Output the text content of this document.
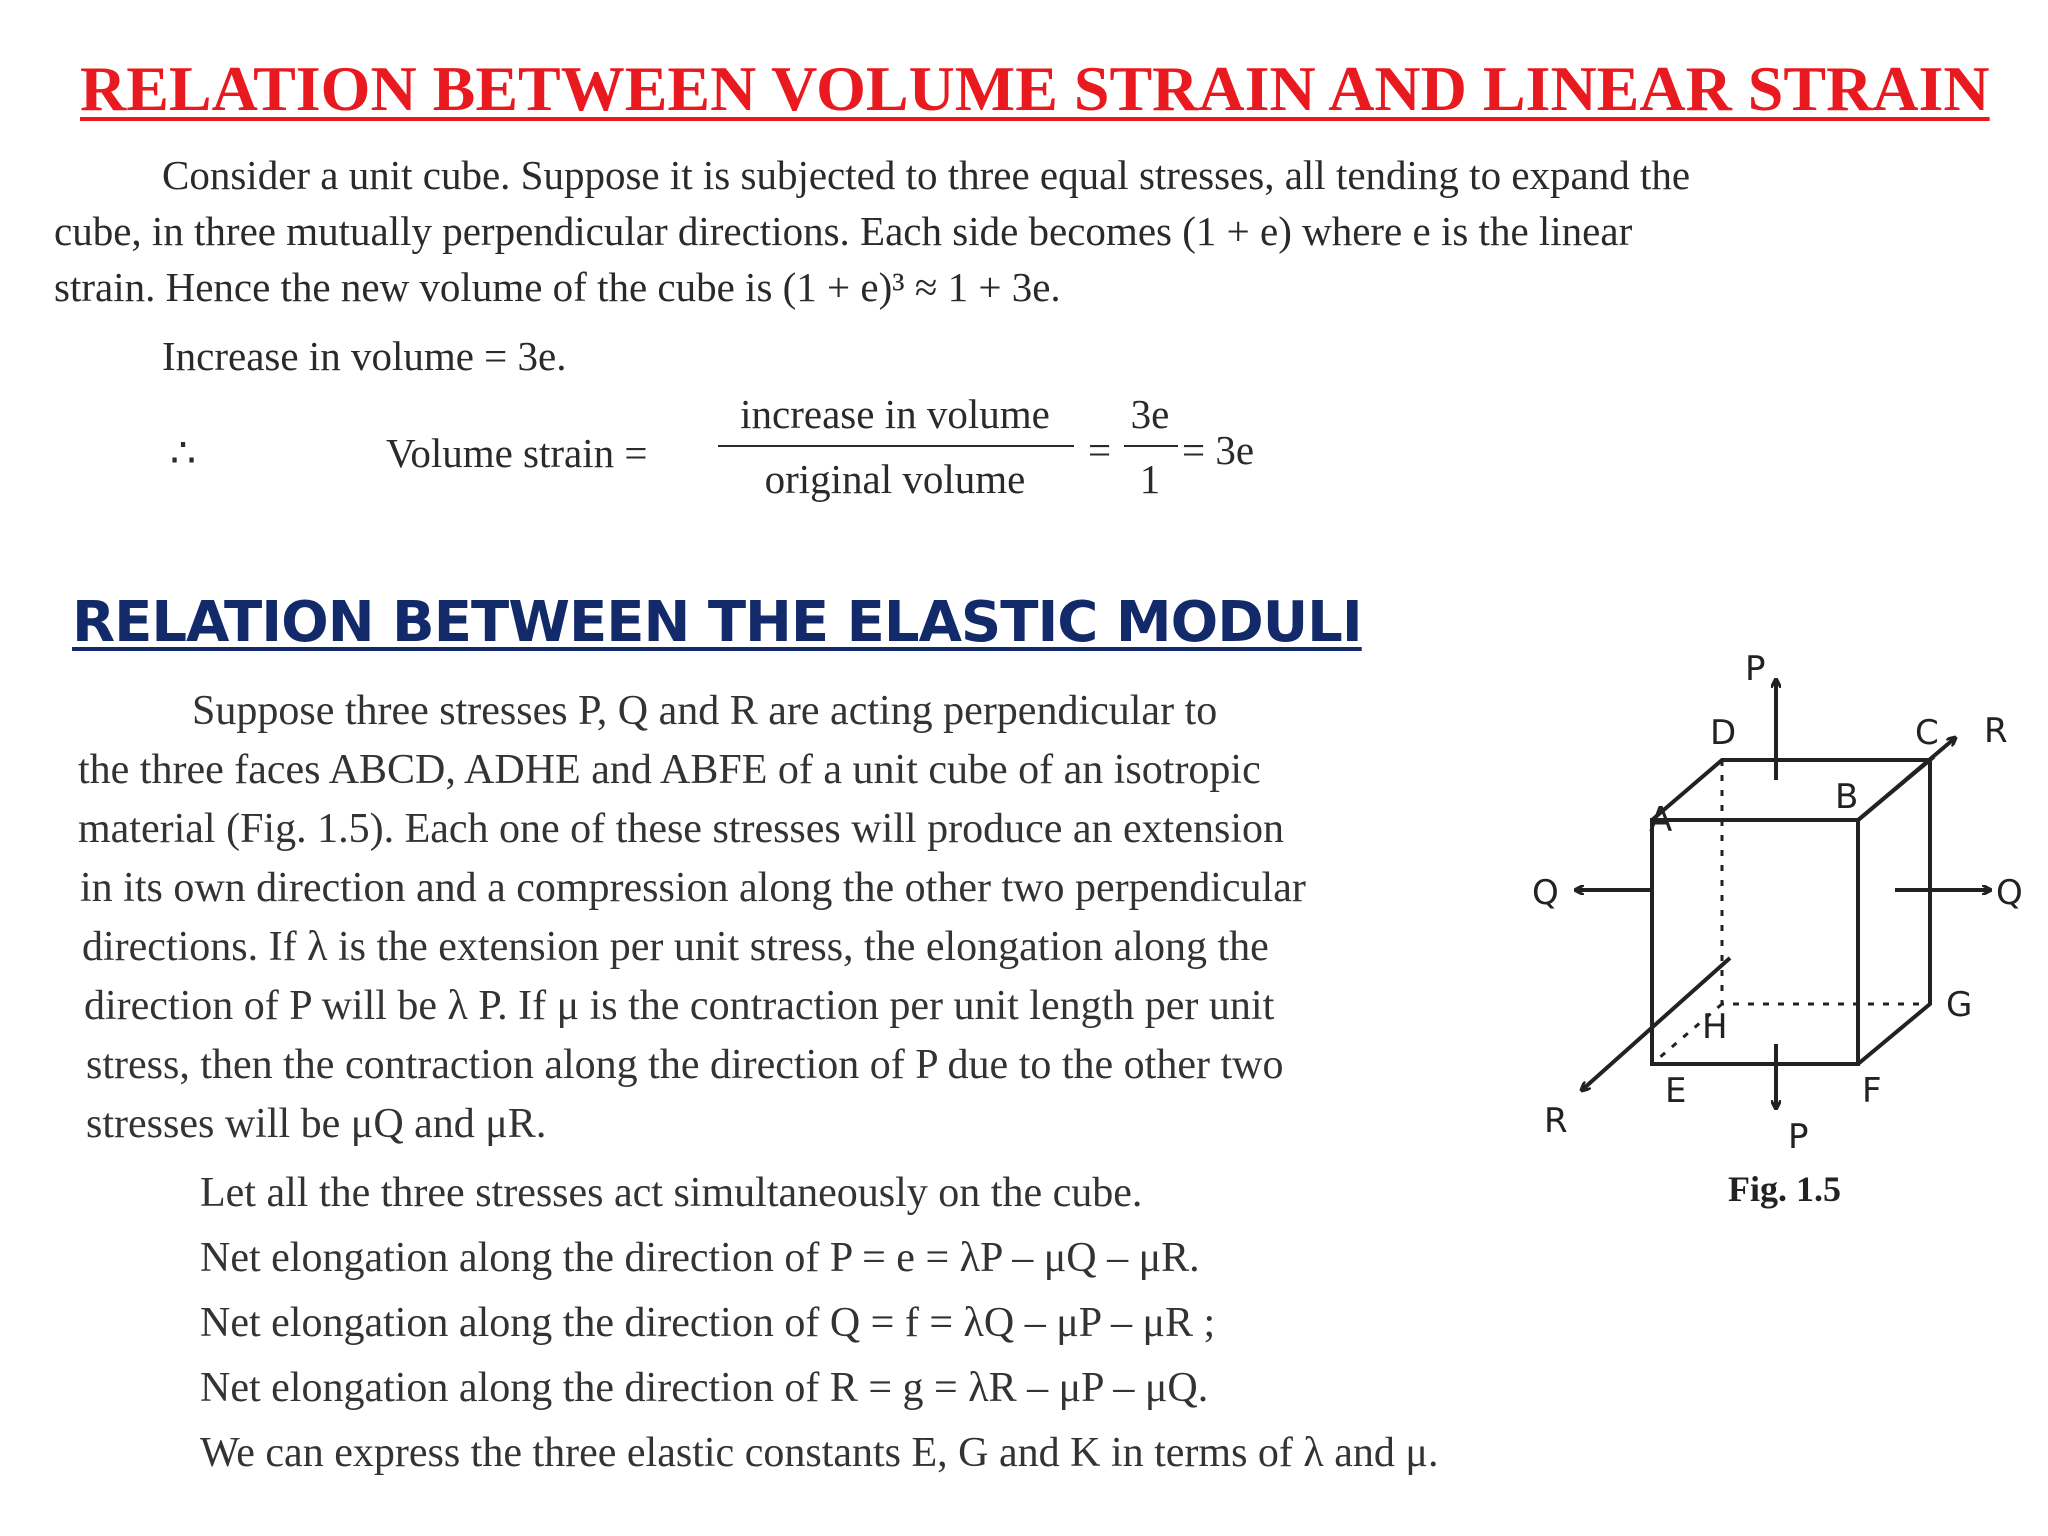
RELATION BETWEEN VOLUME STRAIN AND LINEAR STRAIN
Consider a unit cube. Suppose it is subjected to three equal stresses, all tending to expand the
cube, in three mutually perpendicular directions. Each side becomes (1 + e) where e is the linear
strain. Hence the new volume of the cube is (1 + e)³ ≈ 1 + 3e.
Increase in volume = 3e.
∴	Volume strain =
increase in volume
original volume
=
3e
1
= 3e
RELATION BETWEEN THE ELASTIC MODULI
Suppose three stresses P, Q and R are acting perpendicular to
the three faces ABCD, ADHE and ABFE of a unit cube of an isotropic
material (Fig. 1.5). Each one of these stresses will produce an extension
in its own direction and a compression along the other two perpendicular
directions. If λ is the extension per unit stress, the elongation along the
direction of P will be λ P. If μ is the contraction per unit length per unit
stress, then the contraction along the direction of P due to the other two
stresses will be μQ and μR.
Let all the three stresses act simultaneously on the cube.
Net elongation along the direction of P = e = λP – μQ – μR.
Net elongation along the direction of Q = f = λQ – μP – μR ;
Net elongation along the direction of R = g = λR – μP – μQ.
We can express the three elastic constants E, G and K in terms of λ and μ.
A
B
C
D
E	F
G
H
P
P
Q	Q
R
R
Fig. 1.5
